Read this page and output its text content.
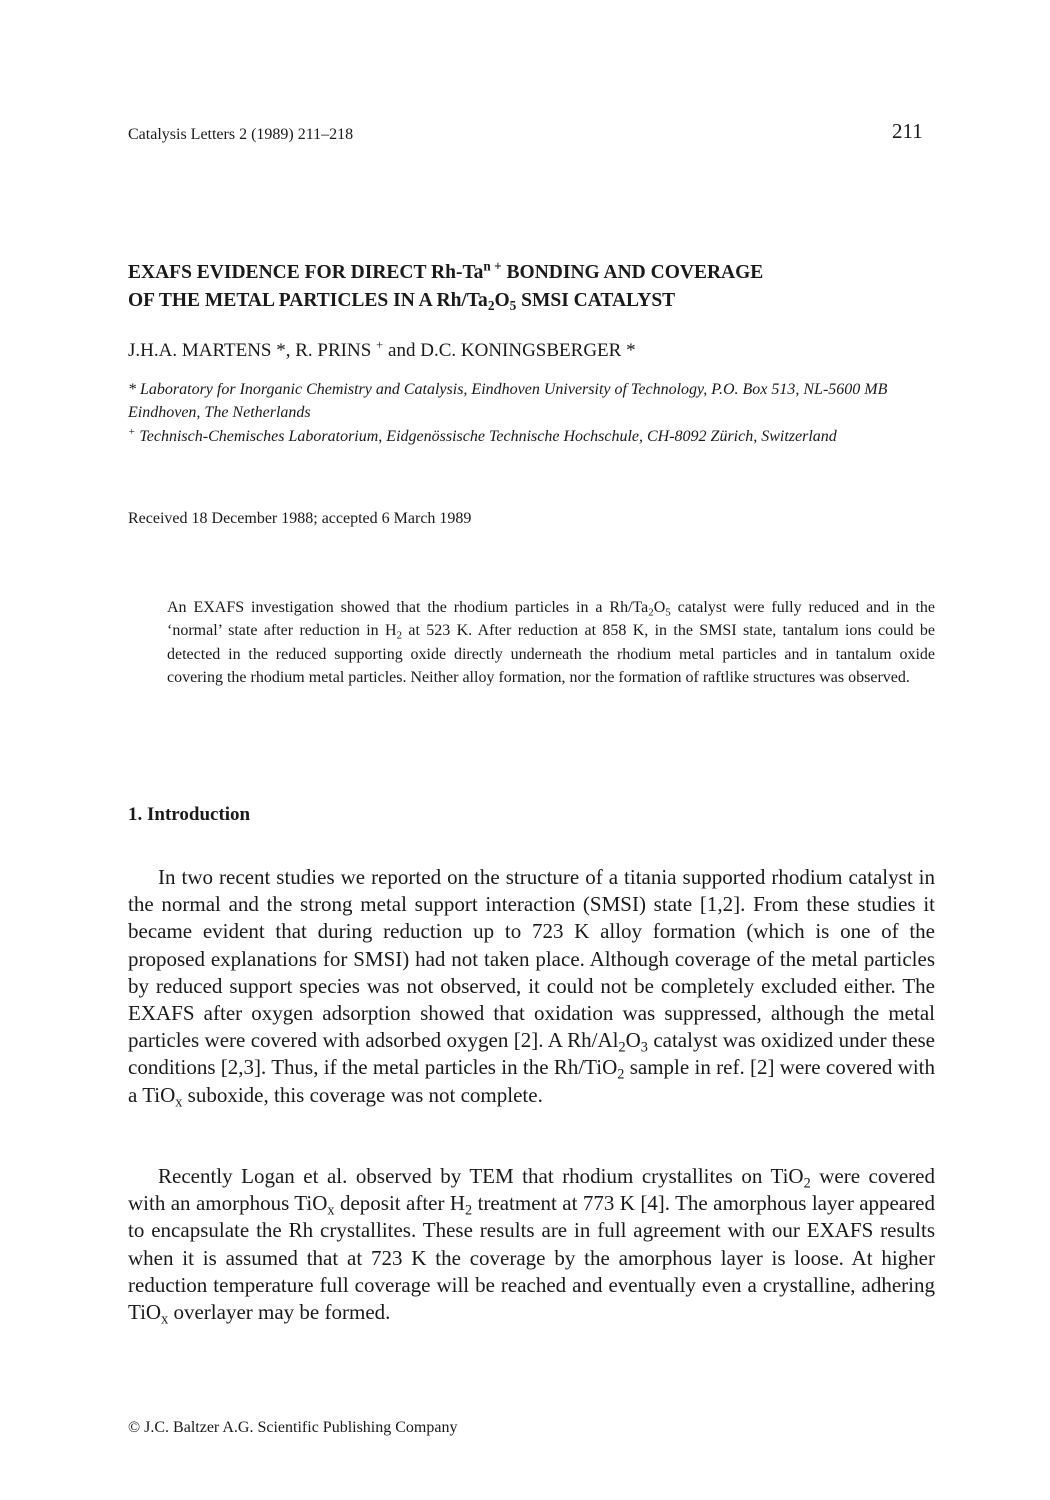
Catalysis Letters 2 (1989) 211–218	211
EXAFS EVIDENCE FOR DIRECT $Rh-Ta^{n +}$ BONDING AND COVERAGE
OF THE METAL PARTICLES IN A $Rh/Ta_2O_5$ SMSI CATALYST
J.H.A. MARTENS *, R. PRINS + and D.C. KONINGSBERGER *
* Laboratory for Inorganic Chemistry and Catalysis, Eindhoven University of Technology, P.O. Box 513, NL-5600 MB Eindhoven, The Netherlands
+ Technisch-Chemisches Laboratorium, Eidgenössische Technische Hochschule, CH-8092 Zürich, Switzerland
Received 18 December 1988; accepted 6 March 1989
An EXAFS investigation showed that the rhodium particles in a $Rh/Ta_2O_5$ catalyst were fully reduced and in the ‘normal’ state after reduction in $H_2$ at 523 K. After reduction at 858 K, in the SMSI state, tantalum ions could be detected in the reduced supporting oxide directly underneath the rhodium metal particles and in tantalum oxide covering the rhodium metal particles. Neither alloy formation, nor the formation of raftlike structures was observed.
1. Introduction
In two recent studies we reported on the structure of a titania supported rhodium catalyst in the normal and the strong metal support interaction (SMSI) state [1,2]. From these studies it became evident that during reduction up to 723 K alloy formation (which is one of the proposed explanations for SMSI) had not taken place. Although coverage of the metal particles by reduced support species was not observed, it could not be completely excluded either. The EXAFS after oxygen adsorption showed that oxidation was suppressed, although the metal particles were covered with adsorbed oxygen [2]. A $Rh/Al_2O_3$ catalyst was oxidized under these conditions [2,3]. Thus, if the metal particles in the Rh/TiO$_2$ sample in ref. [2] were covered with a TiO$_x$ suboxide, this coverage was not complete.
Recently Logan et al. observed by TEM that rhodium crystallites on TiO$_2$ were covered with an amorphous TiO$_x$ deposit after $H_2$ treatment at 773 K [4]. The amorphous layer appeared to encapsulate the Rh crystallites. These results are in full agreement with our EXAFS results when it is assumed that at 723 K the coverage by the amorphous layer is loose. At higher reduction temperature full coverage will be reached and eventually even a crystalline, adhering TiO$_x$ overlayer may be formed.
© J.C. Baltzer A.G. Scientific Publishing Company
